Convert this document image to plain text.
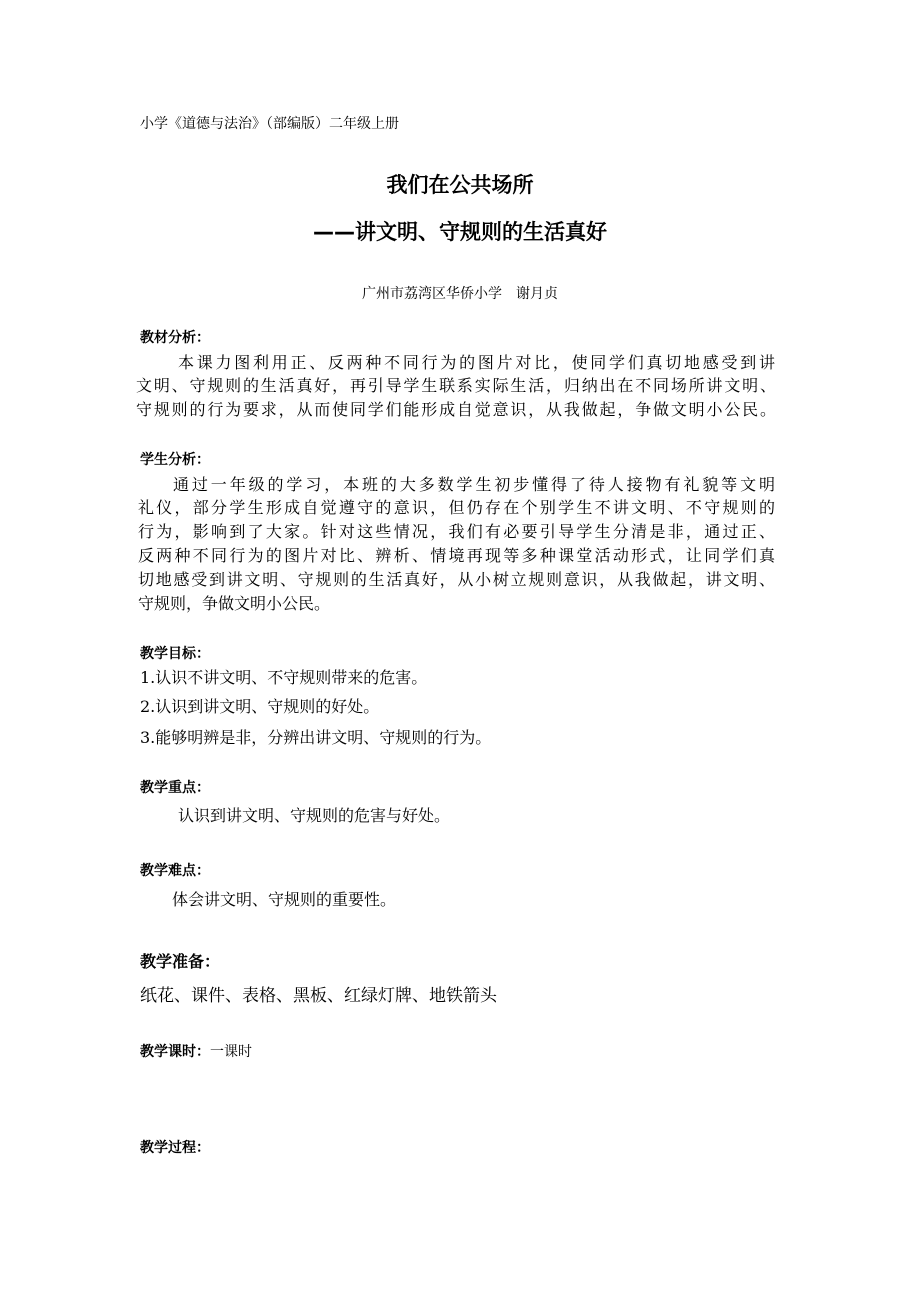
小学《道德与法治》（部编版）二年级上册
我们在公共场所
——讲文明、守规则的生活真好
广州市荔湾区华侨小学　谢月贞
教材分析：
本课力图利用正、反两种不同行为的图片对比，使同学们真切地感受到讲
文明、守规则的生活真好，再引导学生联系实际生活，归纳出在不同场所讲文明、
守规则的行为要求，从而使同学们能形成自觉意识，从我做起，争做文明小公民。
学生分析：
通过一年级的学习，本班的大多数学生初步懂得了待人接物有礼貌等文明
礼仪，部分学生形成自觉遵守的意识，但仍存在个别学生不讲文明、不守规则的
行为，影响到了大家。针对这些情况，我们有必要引导学生分清是非，通过正、
反两种不同行为的图片对比、辨析、情境再现等多种课堂活动形式，让同学们真
切地感受到讲文明、守规则的生活真好，从小树立规则意识，从我做起，讲文明、
守规则，争做文明小公民。
教学目标：
1.认识不讲文明、不守规则带来的危害。
2.认识到讲文明、守规则的好处。
3.能够明辨是非，分辨出讲文明、守规则的行为。
教学重点：
认识到讲文明、守规则的危害与好处。
教学难点：
体会讲文明、守规则的重要性。
教学准备：
纸花、课件、表格、黑板、红绿灯牌、地铁箭头
教学课时：一课时
教学过程：
